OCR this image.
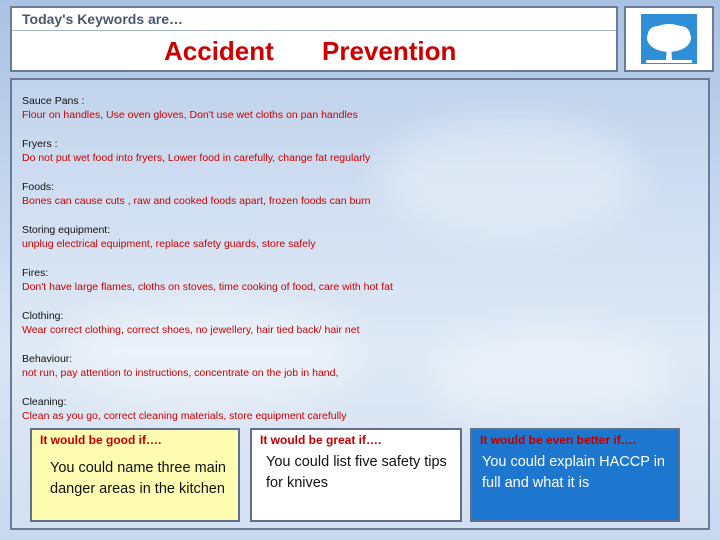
Today's Keywords are…
Accident Prevention
Sauce Pans :
Flour on handles, Use oven gloves, Don't use wet cloths on pan handles
Fryers :
Do not put wet food into fryers, Lower food in carefully, change fat regularly
Foods:
Bones can cause cuts , raw and cooked foods apart, frozen foods can burn
Storing equipment:
unplug electrical equipment, replace safety guards, store safely
Fires:
Don't have large flames, cloths on stoves, time cooking of food, care with hot fat
Clothing:
Wear correct clothing, correct shoes, no jewellery, hair tied back/ hair net
Behaviour:
not run, pay attention to instructions, concentrate on the job in hand,
Cleaning:
Clean as you go, correct cleaning materials, store equipment carefully
It would be good if….
You could name three main danger areas in the kitchen
It would be great if….
You could list five safety tips for knives
It would be even better if….
You could explain HACCP in full and what it is
